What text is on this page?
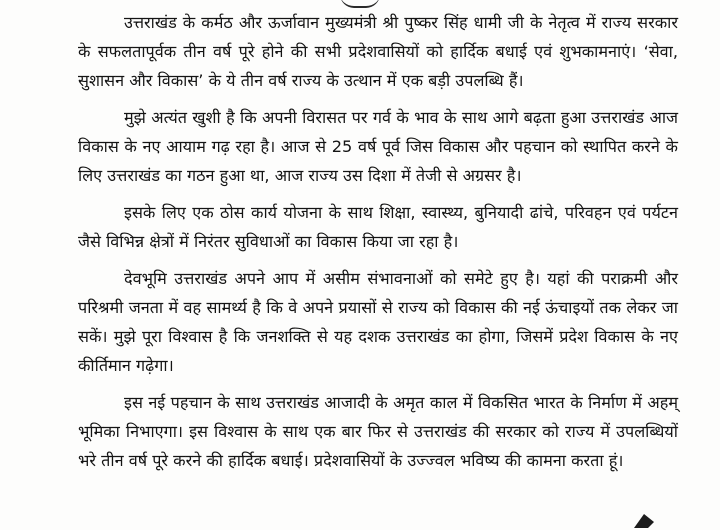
उत्तराखंड के कर्मठ और ऊर्जावान मुख्यमंत्री श्री पुष्कर सिंह धामी जी के नेतृत्व में राज्य सरकार के सफलतापूर्वक तीन वर्ष पूरे होने की सभी प्रदेशवासियों को हार्दिक बधाई एवं शुभकामनाएं। ‘सेवा, सुशासन और विकास’ के ये तीन वर्ष राज्य के उत्थान में एक बड़ी उपलब्धि हैं।

मुझे अत्यंत खुशी है कि अपनी विरासत पर गर्व के भाव के साथ आगे बढ़ता हुआ उत्तराखंड आज विकास के नए आयाम गढ़ रहा है। आज से 25 वर्ष पूर्व जिस विकास और पहचान को स्थापित करने के लिए उत्तराखंड का गठन हुआ था, आज राज्य उस दिशा में तेजी से अग्रसर है।

इसके लिए एक ठोस कार्य योजना के साथ शिक्षा, स्वास्थ्य, बुनियादी ढांचे, परिवहन एवं पर्यटन जैसे विभिन्न क्षेत्रों में निरंतर सुविधाओं का विकास किया जा रहा है।

देवभूमि उत्तराखंड अपने आप में असीम संभावनाओं को समेटे हुए है। यहां की पराक्रमी और परिश्रमी जनता में वह सामर्थ्य है कि वे अपने प्रयासों से राज्य को विकास की नई ऊंचाइयों तक लेकर जा सकें। मुझे पूरा विश्वास है कि जनशक्ति से यह दशक उत्तराखंड का होगा, जिसमें प्रदेश विकास के नए कीर्तिमान गढ़ेगा।

इस नई पहचान के साथ उत्तराखंड आजादी के अमृत काल में विकसित भारत के निर्माण में अहम् भूमिका निभाएगा। इस विश्वास के साथ एक बार फिर से उत्तराखंड की सरकार को राज्य में उपलब्धियों भरे तीन वर्ष पूरे करने की हार्दिक बधाई। प्रदेशवासियों के उज्ज्वल भविष्य की कामना करता हूं।
